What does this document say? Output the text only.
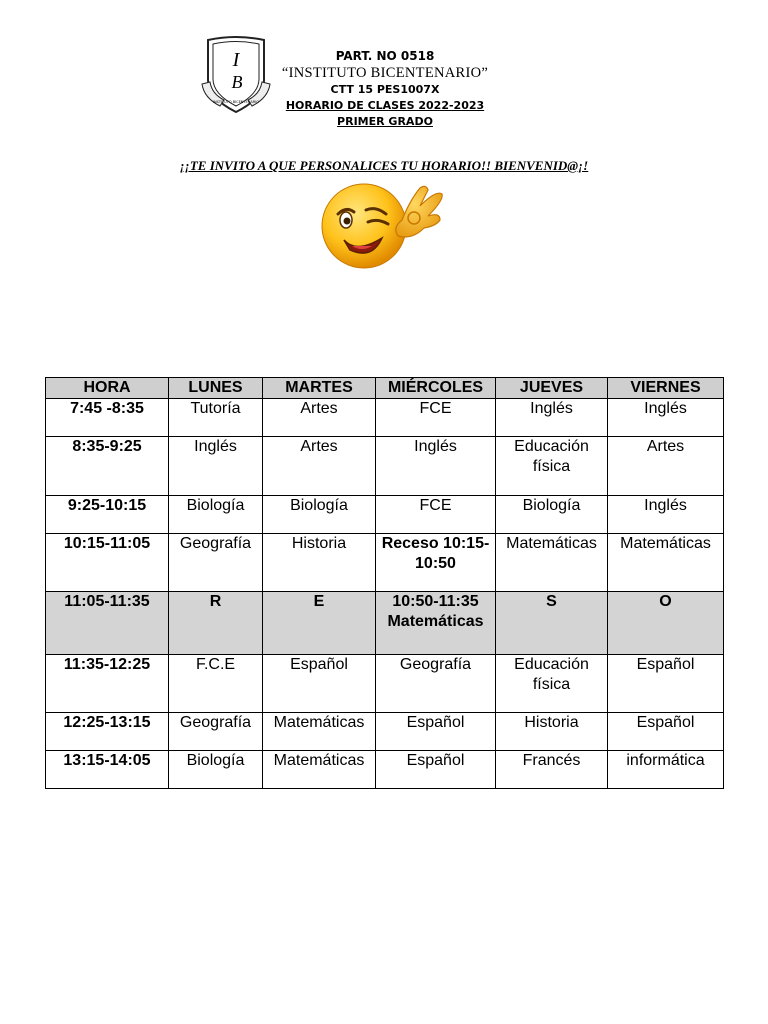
I
B
INSTITUTO BICENTENARIO
PART. NO 0518
“INSTITUTO BICENTENARIO”
CTT 15 PES1007X
HORARIO DE CLASES 2022-2023
PRIMER GRADO
¡¡TE INVITO A QUE PERSONALICES TU HORARIO!! BIENVENID@¡!
HORA	LUNES	MARTES	MIÉRCOLES	JUEVES	VIERNES
7:45 -8:35	Tutoría	Artes	FCE	Inglés	Inglés
8:35-9:25	Inglés	Artes	Inglés	Educación física	Artes
9:25-10:15	Biología	Biología	FCE	Biología	Inglés
10:15-11:05	Geografía	Historia	Receso 10:15- 10:50	Matemáticas	Matemáticas
11:05-11:35	R	E	10:50-11:35 Matemáticas	S	O
11:35-12:25	F.C.E	Español	Geografía	Educación física	Español
12:25-13:15	Geografía	Matemáticas	Español	Historia	Español
13:15-14:05	Biología	Matemáticas	Español	Francés	informática
